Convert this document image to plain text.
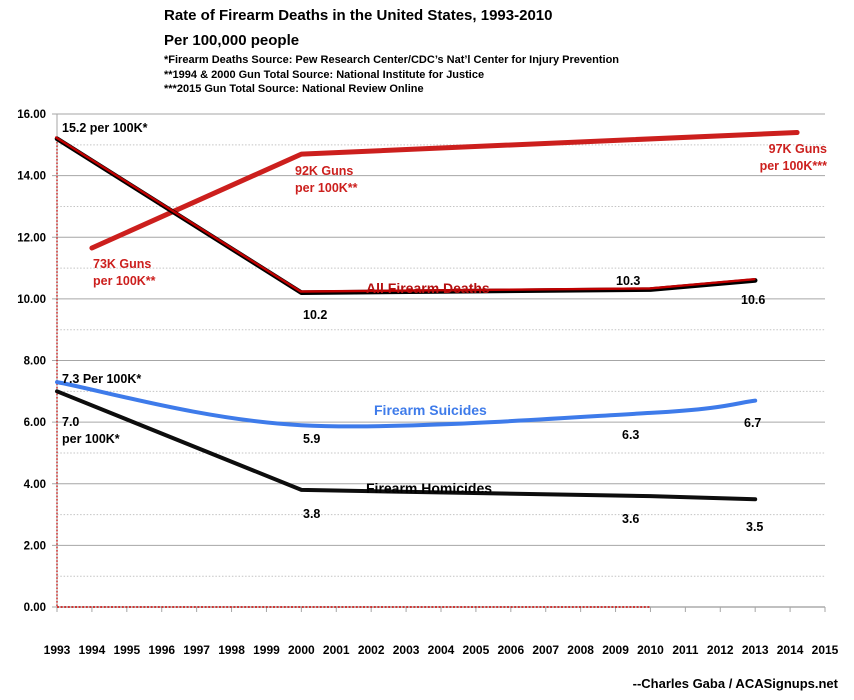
0.00
2.00
4.00
6.00
8.00
10.00
12.00
14.00
16.00
1993 1994 1995 1996 1997 1998 1999 2000 2001 2002 2003 2004 2005 2006 2007 2008 2009 2010 2011 2012 2013 2014 2015
Rate of Firearm Deaths in the United States, 1993-2010
Per 100,000 people
*Firearm Deaths Source: Pew Research Center/CDC’s Nat’l Center for Injury Prevention
**1994 & 2000 Gun Total Source: National Institute for Justice
***2015 Gun Total Source: National Review Online
15.2 per 100K*
73K Guns
per 100K**
92K Guns
per 100K**
97K Guns
per 100K***
All Firearm Deaths
10.2
10.3
10.6
7.3 Per 100K*
7.0
per 100K*
Firearm Suicides
5.9	6.3
6.7
Firearm Homicides
3.8	3.6
3.5
--Charles Gaba / ACASignups.net
